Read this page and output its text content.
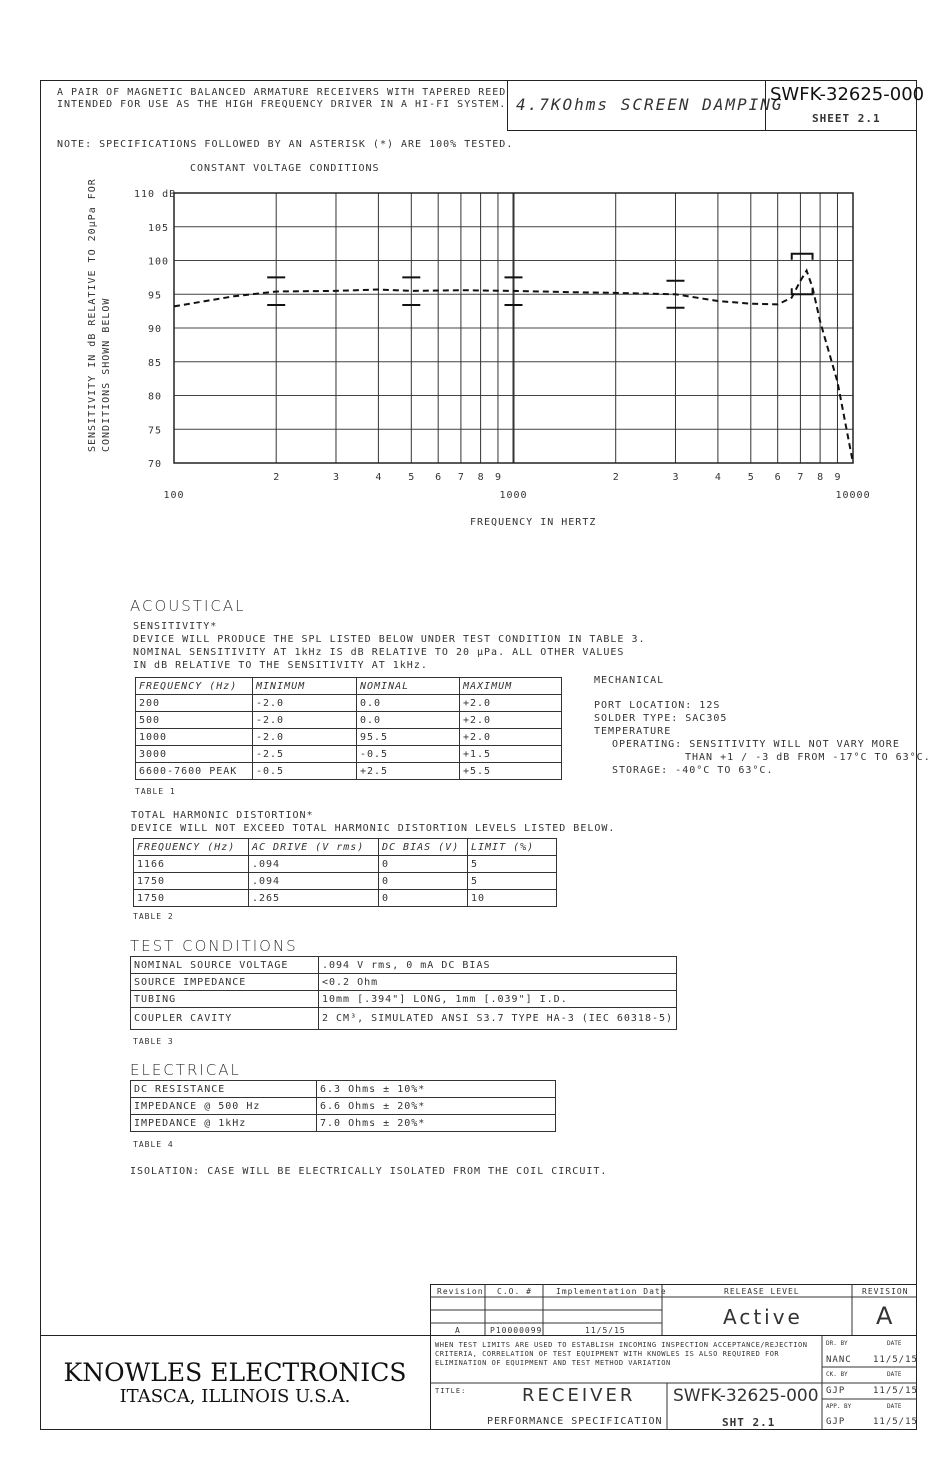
A PAIR OF MAGNETIC BALANCED ARMATURE RECEIVERS WITH TAPERED REED
INTENDED FOR USE AS THE HIGH FREQUENCY DRIVER IN A HI-FI SYSTEM. 4.7KOhms SCREEN DAMPING
SWFK-32625-000
SHEET 2.1
NOTE: SPECIFICATIONS FOLLOWED BY AN ASTERISK (*) ARE 100% TESTED.
CONSTANT VOLTAGE CONDITIONS
SENSITIVITY IN dB RELATIVE TO 20μPa FOR CONDITIONS SHOWN BELOW
110 dB
105
100
95
90
85
80
75
70
100	1000	10000
2	3	4	5 6 7 8 9	2	3	4	5 6 7 8 9
FREQUENCY IN HERTZ
ACOUSTICAL
SENSITIVITY*
DEVICE WILL PRODUCE THE SPL LISTED BELOW UNDER TEST CONDITION IN TABLE 3.
NOMINAL SENSITIVITY AT 1kHz IS dB RELATIVE TO 20 μPa. ALL OTHER VALUES
IN dB RELATIVE TO THE SENSITIVITY AT 1kHz.
FREQUENCY (Hz)	MINIMUM	NOMINAL	MAXIMUM
200	-2.0	0.0	+2.0
500	-2.0	0.0	+2.0
1000	-2.0	95.5	+2.0
3000	-2.5	-0.5	+1.5
6600-7600 PEAK	-0.5	+2.5	+5.5
TABLE 1
TOTAL HARMONIC DISTORTION*
DEVICE WILL NOT EXCEED TOTAL HARMONIC DISTORTION LEVELS LISTED BELOW.
FREQUENCY (Hz)	AC DRIVE (V rms)	DC BIAS (V)	LIMIT (%)
1166	.094	0	5
1750	.094	0	5
1750	.265	0	10
TABLE 2
MECHANICAL
PORT LOCATION: 12S
SOLDER TYPE: SAC305
TEMPERATURE
OPERATING: SENSITIVITY WILL NOT VARY MORE
THAN +1 / -3 dB FROM -17°C TO 63°C.
STORAGE: -40°C TO 63°C.
TEST CONDITIONS
NOMINAL SOURCE VOLTAGE	.094 V rms, 0 mA DC BIAS
SOURCE IMPEDANCE	<0.2 Ohm
TUBING	10mm [.394"] LONG, 1mm [.039"] I.D.
COUPLER CAVITY	2 CM³, SIMULATED ANSI S3.7 TYPE HA-3 (IEC 60318-5)
TABLE 3
ELECTRICAL
DC RESISTANCE	6.3 Ohms ± 10%*
IMPEDANCE @ 500 Hz	6.6 Ohms ± 20%*
IMPEDANCE @ 1kHz	7.0 Ohms ± 20%*
TABLE 4
ISOLATION: CASE WILL BE ELECTRICALLY ISOLATED FROM THE COIL CIRCUIT.
KNOWLES ELECTRONICS
ITASCA, ILLINOIS U.S.A.
Revision C.O. #	Implementation Date
A	P10000099	11/5/15
RELEASE LEVEL
Active
REVISION
A
WHEN TEST LIMITS ARE USED TO ESTABLISH INCOMING INSPECTION ACCEPTANCE/REJECTION CRITERIA, CORRELATION OF TEST EQUIPMENT WITH KNOWLES IS ALSO REQUIRED FOR ELIMINATION OF EQUIPMENT AND TEST METHOD VARIATION
TITLE:	RECEIVER
PERFORMANCE SPECIFICATION
SWFK-32625-000
SHT 2.1
DR. BY	DATE
NANC 11/5/15
CK. BY	DATE
GJP	11/5/15
APP. BY	DATE
GJP	11/5/15
